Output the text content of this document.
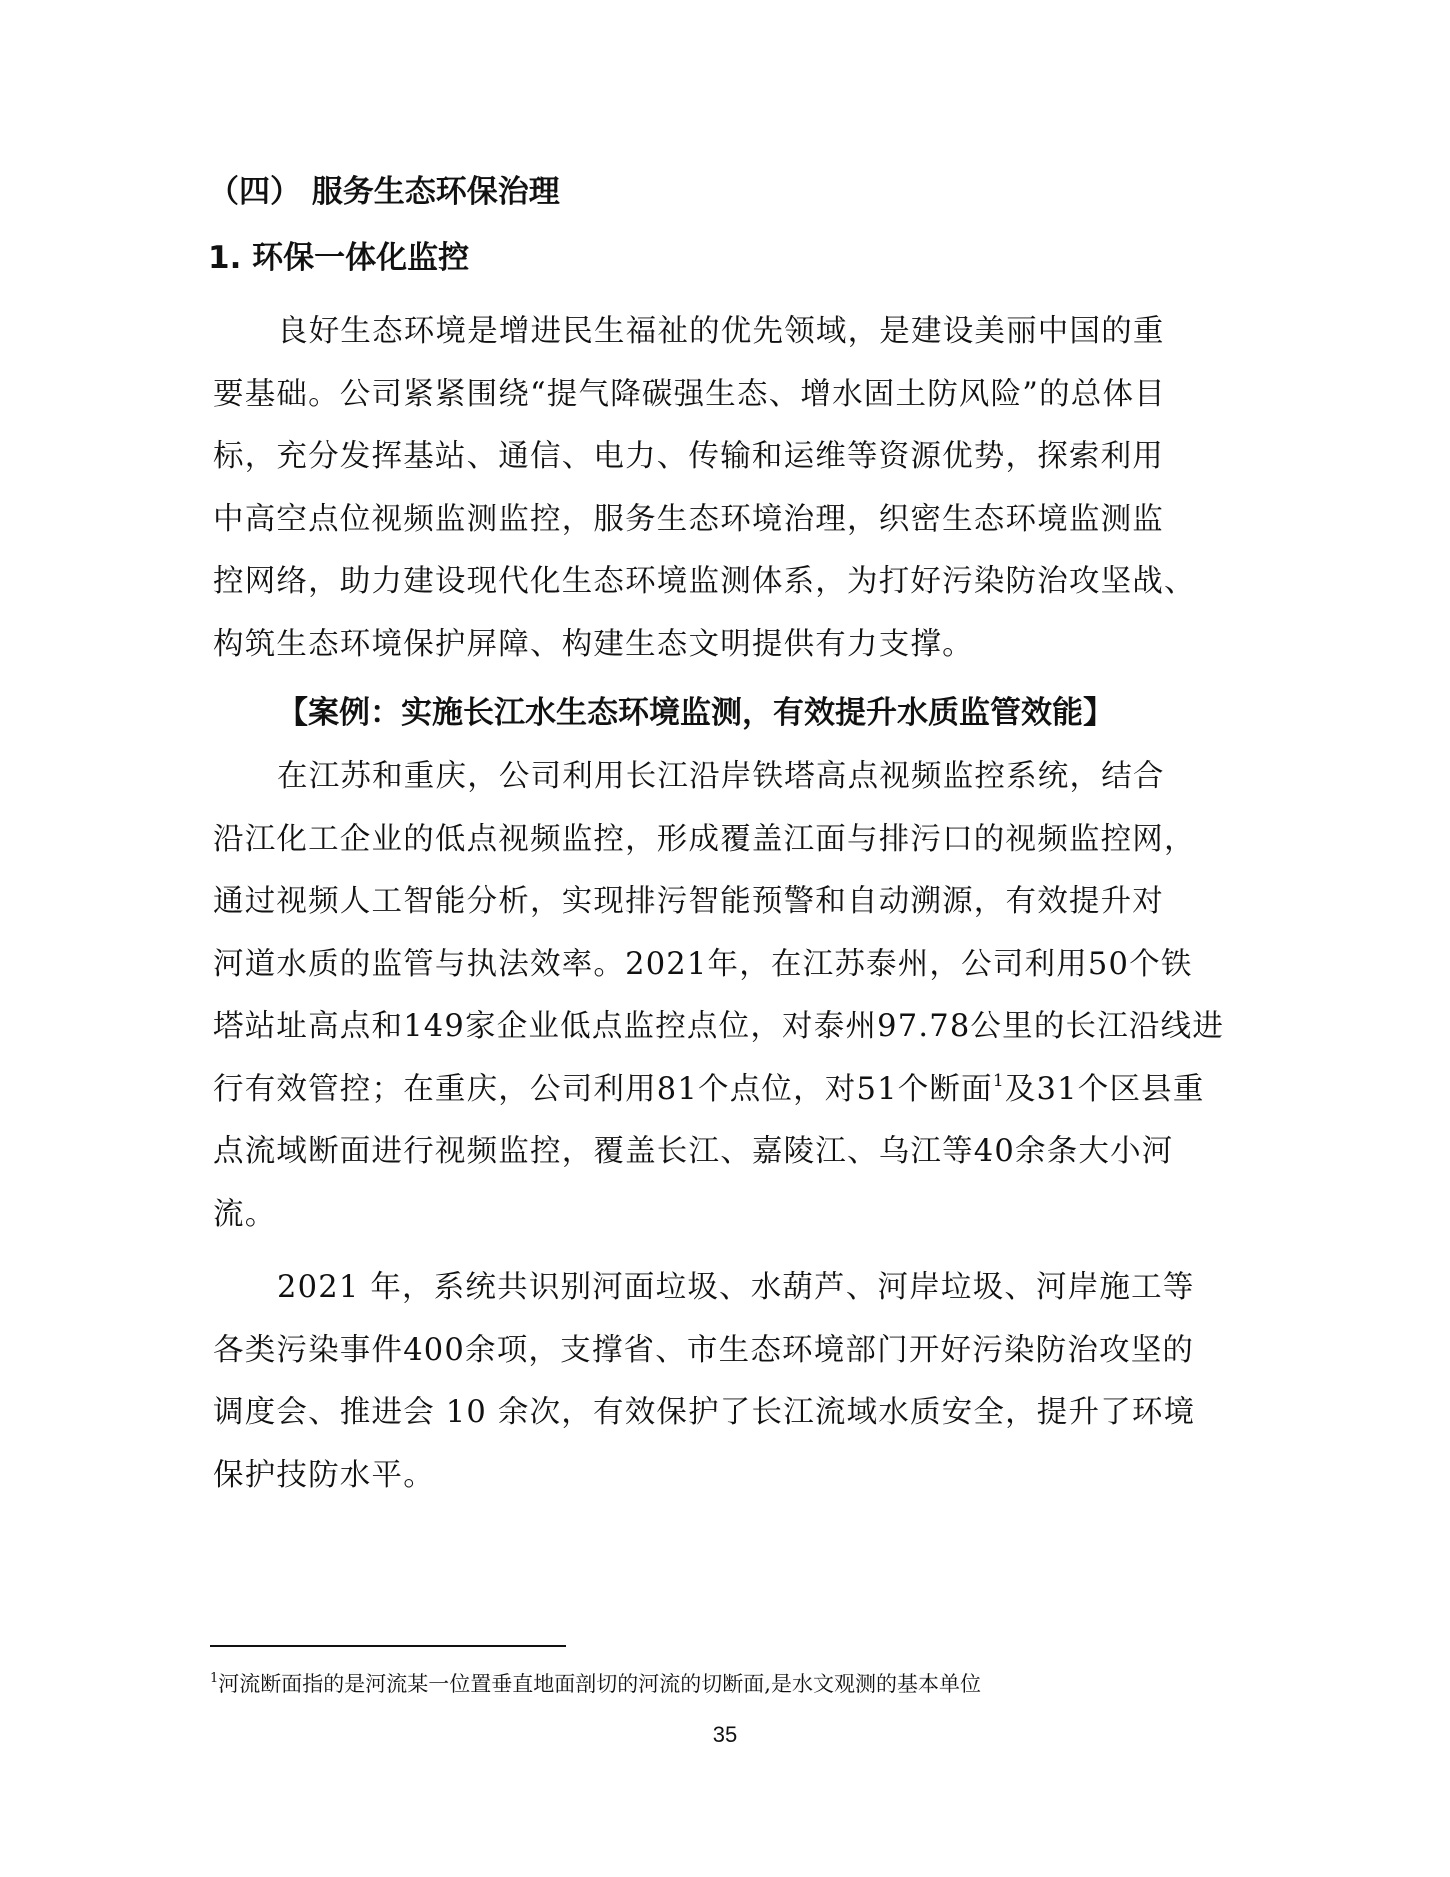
（四） 服务生态环保治理
1. 环保一体化监控
良好生态环境是增进民生福祉的优先领域，是建设美丽中国的重
要基础。公司紧紧围绕“提气降碳强生态、增水固土防风险”的总体目
标，充分发挥基站、通信、电力、传输和运维等资源优势，探索利用
中高空点位视频监测监控，服务生态环境治理，织密生态环境监测监
控网络，助力建设现代化生态环境监测体系，为打好污染防治攻坚战、
构筑生态环境保护屏障、构建生态文明提供有力支撑。
【案例：实施长江水生态环境监测，有效提升水质监管效能】
在江苏和重庆，公司利用长江沿岸铁塔高点视频监控系统，结合
沿江化工企业的低点视频监控，形成覆盖江面与排污口的视频监控网，
通过视频人工智能分析，实现排污智能预警和自动溯源，有效提升对
河道水质的监管与执法效率。2021年，在江苏泰州，公司利用50个铁
塔站址高点和149家企业低点监控点位，对泰州97.78公里的长江沿线进
行有效管控；在重庆，公司利用81个点位，对51个断面$^1$及31个区县重
点流域断面进行视频监控，覆盖长江、嘉陵江、乌江等40余条大小河
流。
2021 年，系统共识别河面垃圾、水葫芦、河岸垃圾、河岸施工等
各类污染事件400余项，支撑省、市生态环境部门开好污染防治攻坚的
调度会、推进会 10 余次，有效保护了长江流域水质安全，提升了环境
保护技防水平。
$^1$河流断面指的是河流某一位置垂直地面剖切的河流的切断面,是水文观测的基本单位
35
